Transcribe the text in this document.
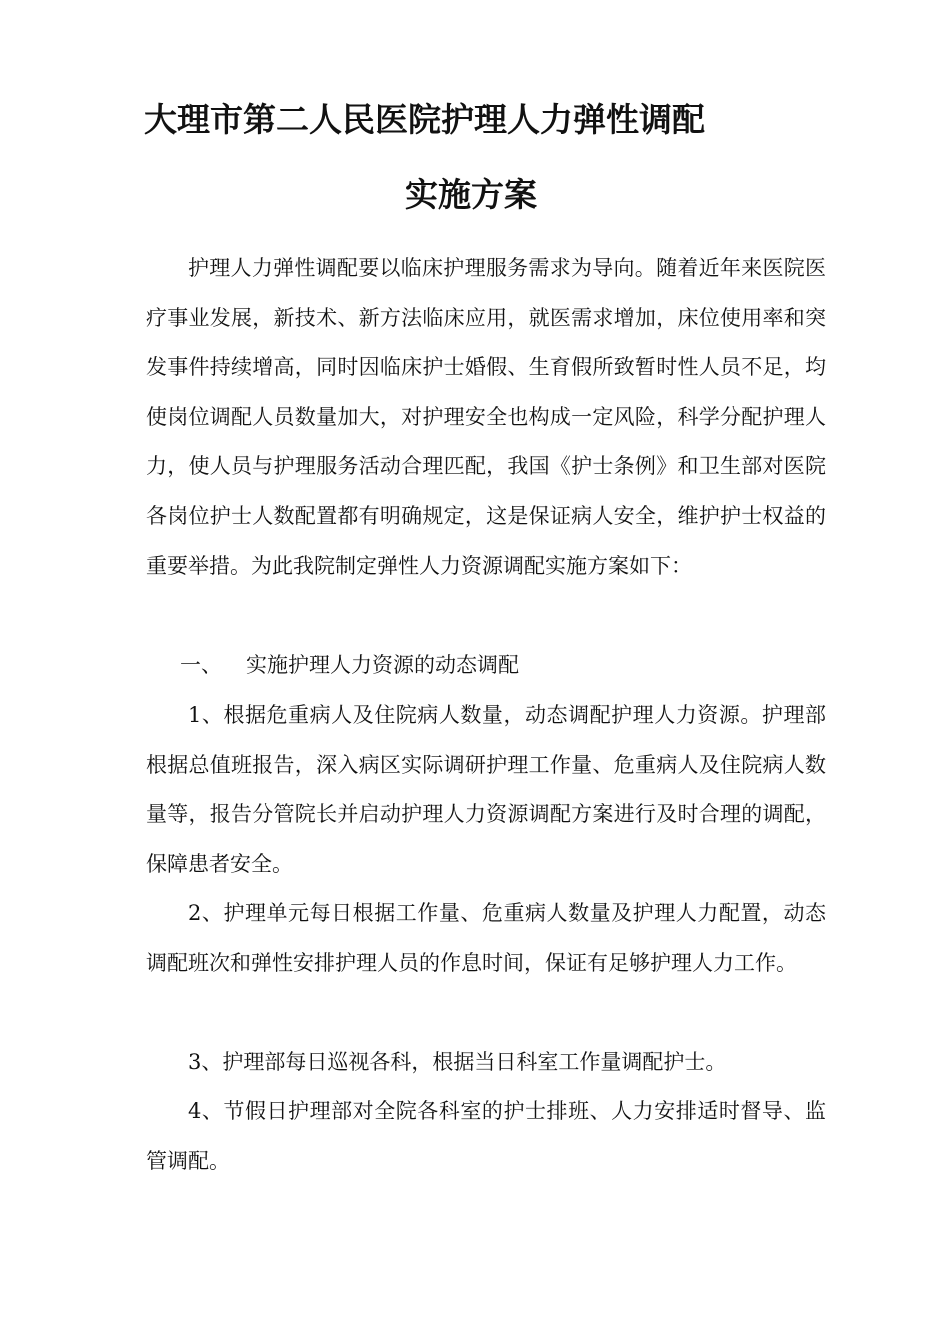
大理市第二人民医院护理人力弹性调配
实施方案

护理人力弹性调配要以临床护理服务需求为导向。随着近年来医院医疗事业发展，新技术、新方法临床应用，就医需求增加，床位使用率和突发事件持续增高，同时因临床护士婚假、生育假所致暂时性人员不足，均使岗位调配人员数量加大，对护理安全也构成一定风险，科学分配护理人力，使人员与护理服务活动合理匹配，我国《护士条例》和卫生部对医院各岗位护士人数配置都有明确规定，这是保证病人安全，维护护士权益的重要举措。为此我院制定弹性人力资源调配实施方案如下：

一、 实施护理人力资源的动态调配

1、根据危重病人及住院病人数量，动态调配护理人力资源。护理部根据总值班报告，深入病区实际调研护理工作量、危重病人及住院病人数量等，报告分管院长并启动护理人力资源调配方案进行及时合理的调配，保障患者安全。

2、护理单元每日根据工作量、危重病人数量及护理人力配置，动态调配班次和弹性安排护理人员的作息时间，保证有足够护理人力工作。

3、护理部每日巡视各科，根据当日科室工作量调配护士。

4、节假日护理部对全院各科室的护士排班、人力安排适时督导、监管调配。
